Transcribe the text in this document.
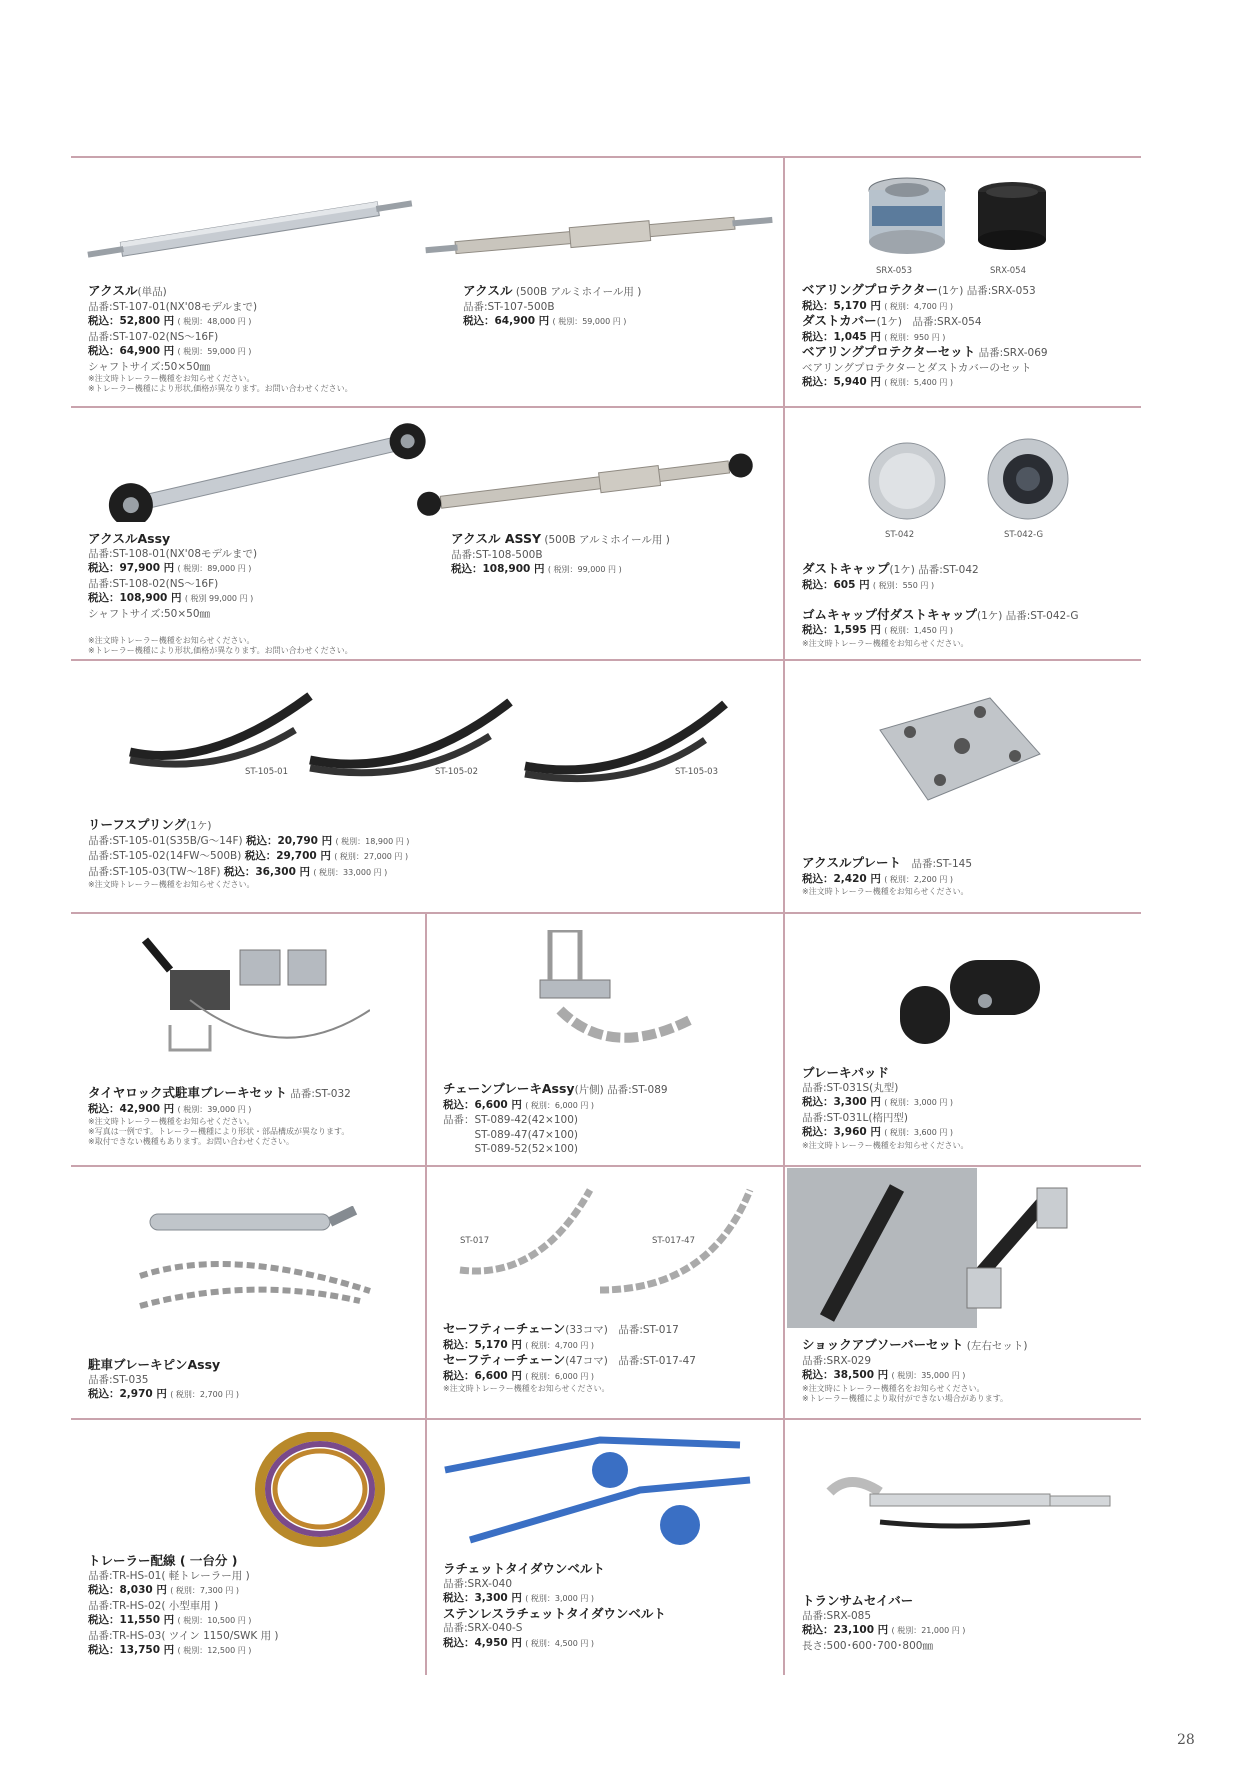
アクスル(単品)
品番:ST-107-01(NX'08モデルまで)
税込：52,800 円 ( 税別：48,000 円 )
品番:ST-107-02(NS〜16F)
税込：64,900 円 ( 税別：59,000 円 )
シャフトサイズ:50×50㎜
※注文時トレーラー機種をお知らせください。
※トレーラー機種により形状,価格が異なります。お問い合わせください。
アクスル (500B アルミホイール用 )
品番:ST-107-500B
税込：64,900 円 ( 税別：59,000 円 )
SRX-053	SRX-054
ベアリングプロテクター(1ケ) 品番:SRX-053
税込：5,170 円 ( 税別：4,700 円 )
ダストカバー(1ケ)　品番:SRX-054
税込：1,045 円 ( 税別：950 円 )
ベアリングプロテクターセット 品番:SRX-069
ベアリングプロテクターとダストカバーのセット
税込：5,940 円 ( 税別：5,400 円 )
アクスルAssy
品番:ST-108-01(NX'08モデルまで)
税込：97,900 円 ( 税別：89,000 円 )
品番:ST-108-02(NS〜16F)
税込：108,900 円 ( 税別 99,000 円 )
シャフトサイズ:50×50㎜

※注文時トレーラー機種をお知らせください。
※トレーラー機種により形状,価格が異なります。お問い合わせください。
アクスル ASSY (500B アルミホイール用 )
品番:ST-108-500B
税込：108,900 円 ( 税別：99,000 円 )
ST-042	ST-042-G
ダストキャップ(1ケ) 品番:ST-042
税込：605 円 ( 税別：550 円 )

ゴムキャップ付ダストキャップ(1ケ) 品番:ST-042-G
税込：1,595 円 ( 税別：1,450 円 )
※注文時トレーラー機種をお知らせください。
ST-105-01	ST-105-02	ST-105-03
リーフスプリング(1ケ)
品番:ST-105-01(S35B/G〜14F) 税込：20,790 円 ( 税別：18,900 円 )
品番:ST-105-02(14FW〜500B) 税込：29,700 円 ( 税別：27,000 円 )
品番:ST-105-03(TW〜18F) 税込：36,300 円 ( 税別：33,000 円 )
※注文時トレーラー機種をお知らせください。
アクスルプレート　品番:ST-145
税込：2,420 円 ( 税別：2,200 円 )
※注文時トレーラー機種をお知らせください。
タイヤロック式駐車ブレーキセット 品番:ST-032
税込：42,900 円 ( 税別：39,000 円 )
※注文時トレーラー機種をお知らせください。
※写真は一例です。トレーラー機種により形状・部品構成が異なります。
※取付できない機種もあります。お問い合わせください。
チェーンブレーキAssy(片側) 品番:ST-089
税込：6,600 円 ( 税別：6,000 円 )
品番：ST-089-42(42×100)
　　　ST-089-47(47×100)
　　　ST-089-52(52×100)
ブレーキパッド
品番:ST-031S(丸型)
税込：3,300 円 ( 税別：3,000 円 )
品番:ST-031L(楕円型)
税込：3,960 円 ( 税別：3,600 円 )
※注文時トレーラー機種をお知らせください。
駐車ブレーキピンAssy
品番:ST-035
税込：2,970 円 ( 税別：2,700 円 )
ST-017	ST-017-47
セーフティーチェーン(33コマ)　品番:ST-017
税込：5,170 円 ( 税別：4,700 円 )
セーフティーチェーン(47コマ)　品番:ST-017-47
税込：6,600 円 ( 税別：6,000 円 )
※注文時トレーラー機種をお知らせください。
ショックアブソーバーセット (左右セット)
品番:SRX-029
税込：38,500 円 ( 税別：35,000 円 )
※注文時にトレーラー機種名をお知らせください。
※トレーラー機種により取付ができない場合があります。
トレーラー配線 ( 一台分 )
品番:TR-HS-01( 軽トレーラー用 )
税込：8,030 円 ( 税別：7,300 円 )
品番:TR-HS-02( 小型車用 )
税込：11,550 円 ( 税別：10,500 円 )
品番:TR-HS-03( ツイン 1150/SWK 用 )
税込：13,750 円 ( 税別：12,500 円 )
ラチェットタイダウンベルト
品番:SRX-040
税込：3,300 円 ( 税別：3,000 円 )
ステンレスラチェットタイダウンベルト
品番:SRX-040-S
税込：4,950 円 ( 税別：4,500 円 )
トランサムセイバー
品番:SRX-085
税込：23,100 円 ( 税別：21,000 円 )
長さ:500･600･700･800㎜
28
